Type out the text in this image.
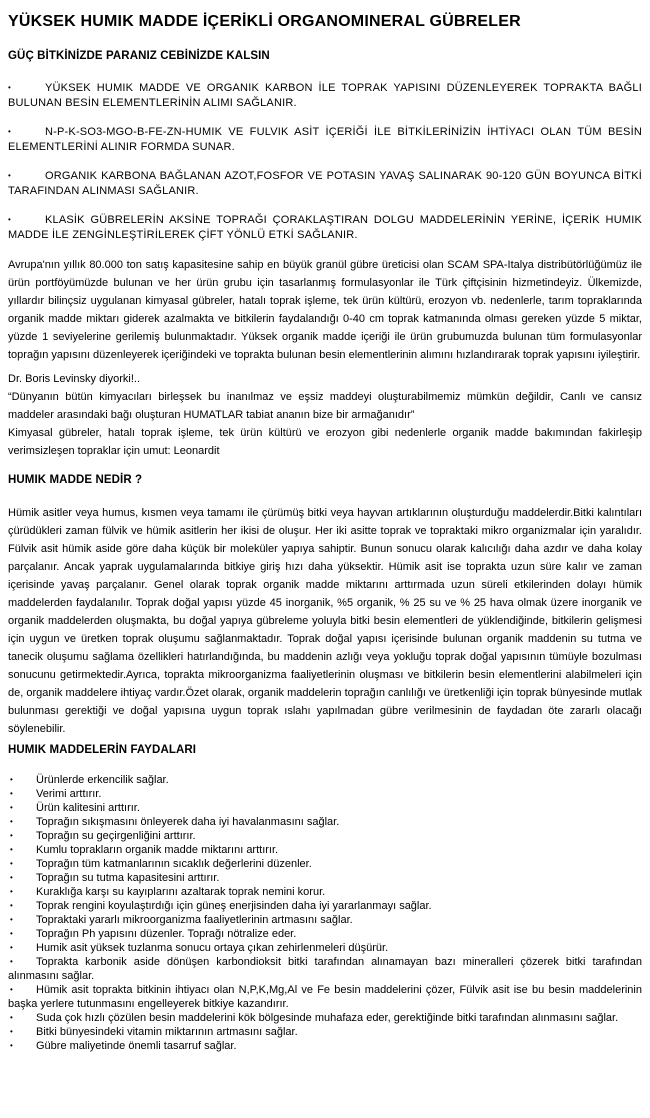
YÜKSEK HUMIK MADDE İÇERİKLİ ORGANOMINERAL GÜBRELER
GÜÇ BİTKİNİZDE PARANIZ CEBİNİZDE KALSIN

•	YÜKSEK HUMIK MADDE VE ORGANIK KARBON İLE TOPRAK YAPISINI DÜZENLEYEREK TOPRAKTA BAĞLI BULUNAN BESİN ELEMENTLERİNİN ALIMI SAĞLANIR.

•	N-P-K-SO3-MGO-B-FE-ZN-HUMIK VE FULVIK ASİT İÇERİĞİ İLE BİTKİLERİNİZİN İHTİYACI OLAN TÜM BESİN ELEMENTLERİNİ ALINIR FORMDA SUNAR.

•	ORGANIK KARBONA BAĞLANAN AZOT,FOSFOR VE POTASIN YAVAŞ SALINARAK 90-120 GÜN BOYUNCA BİTKİ TARAFINDAN ALINMASI SAĞLANIR.

•	KLASİK GÜBRELERİN AKSİNE TOPRAĞI ÇORAKLAŞTIRAN DOLGU MADDELERİNİN YERİNE, İÇERİK HUMIK MADDE İLE ZENGİNLEŞTİRİLEREK ÇİFT YÖNLÜ ETKİ SAĞLANIR.

Avrupa'nın yıllık 80.000 ton satış kapasitesine sahip en büyük granül gübre üreticisi olan SCAM SPA-Italya distribütörlüğümüz ile ürün portföyümüzde bulunan ve her ürün grubu için tasarlanmış formulasyonlar ile Türk çiftçisinin hizmetindeyiz. Ülkemizde, yıllardır bilinçsiz uygulanan kimyasal gübreler, hatalı toprak işleme, tek ürün kültürü, erozyon vb. nedenlerle, tarım topraklarında organik madde miktarı giderek azalmakta ve bitkilerin faydalandığı 0-40 cm toprak katmanında olması gereken yüzde 5 miktar, yüzde 1 seviyelerine gerilemiş bulunmaktadır. Yüksek organik madde içeriği ile ürün grubumuzda bulunan tüm formulasyonlar toprağın yapısını düzenleyerek içeriğindeki ve toprakta bulunan besin elementlerinin alımını hızlandırarak toprak yapısını iyileştirir.

Dr. Boris Levinsky diyorki!..

“Dünyanın bütün kimyacıları birleşsek bu inanılmaz ve eşsiz maddeyi oluşturabilmemiz mümkün değildir, Canlı ve cansız maddeler arasındaki bağı oluşturan HUMATLAR tabiat ananın bize bir armağanıdır”

Kimyasal gübreler, hatalı toprak işleme, tek ürün kültürü ve erozyon gibi nedenlerle organik madde bakımından fakirleşip verimsizleşen topraklar için umut: Leonardit

HUMIK MADDE NEDİR ?

Hümik asitler veya humus, kısmen veya tamamı ile çürümüş bitki veya hayvan artıklarının oluşturduğu maddelerdir.Bitki kalıntıları çürüdükleri zaman fülvik ve hümik asitlerin her ikisi de oluşur. Her iki asitte toprak ve topraktaki mikro organizmalar için yaralıdır. Fülvik asit hümik aside göre daha küçük bir moleküler yapıya sahiptir. Bunun sonucu olarak kalıcılığı daha azdır ve daha kolay parçalanır. Ancak yaprak uygulamalarında bitkiye giriş hızı daha yüksektir. Hümik asit ise toprakta uzun süre kalır ve zaman içerisinde yavaş parçalanır. Genel olarak toprak organik madde miktarını arttırmada uzun süreli etkilerinden dolayı hümik maddelerden faydalanılır. Toprak doğal yapısı yüzde 45 inorganik, %5 organik, % 25 su ve % 25 hava olmak üzere inorganik ve organik maddelerden oluşmakta, bu doğal yapıya gübreleme yoluyla bitki besin elementleri de yüklendiğinde, bitkilerin gelişmesi için uygun ve üretken toprak oluşumu sağlanmaktadır. Toprak doğal yapısı içerisinde bulunan organik maddenin su tutma ve tanecik oluşumu sağlama özellikleri hatırlandığında, bu maddenin azlığı veya yokluğu toprak doğal yapısının tümüyle bozulması sonucunu getirmektedir.Ayrıca, toprakta mikroorganizma faaliyetlerinin oluşması ve bitkilerin besin elementlerini alabilmeleri için de, organik maddelere ihtiyaç vardır.Özet olarak, organik maddelerin toprağın canlılığı ve üretkenliği için toprak bünyesinde mutlak bulunması gerektiği ve doğal yapısına uygun toprak ıslahı yapılmadan gübre verilmesinin de faydadan öte zararlı olacağı söylenebilir.

HUMIK MADDELERİN FAYDALARI

• Ürünlerde erkencilik sağlar.

• Verimi arttırır.

• Ürün kalitesini arttırır.

• Toprağın sıkışmasını önleyerek daha iyi havalanmasını sağlar.

• Toprağın su geçirgenliğini arttırır.

• Kumlu toprakların organik madde miktarını arttırır.

• Toprağın tüm katmanlarının sıcaklık değerlerini düzenler.

• Toprağın su tutma kapasitesini arttırır.

• Kuraklığa karşı su kayıplarını azaltarak toprak nemini korur.

• Toprak rengini koyulaştırdığı için güneş enerjisinden daha iyi yararlanmayı sağlar.

• Topraktaki yararlı mikroorganizma faaliyetlerinin artmasını sağlar.

• Toprağın Ph yapısını düzenler. Toprağı nötralize eder.

• Humik asit yüksek tuzlanma sonucu ortaya çıkan zehirlenmeleri düşürür.

• Toprakta karbonik aside dönüşen karbondioksit bitki tarafından alınamayan bazı mineralleri çözerek bitki tarafından alınmasını sağlar.

• Hümik asit toprakta bitkinin ihtiyacı olan N,P,K,Mg,Al ve Fe besin maddelerini çözer, Fülvik asit ise bu besin maddelerinin başka yerlere tutunmasını engelleyerek bitkiye kazandırır.

• Suda çok hızlı çözülen besin maddelerini kök bölgesinde muhafaza eder, gerektiğinde bitki tarafından alınmasını sağlar.

• Bitki bünyesindeki vitamin miktarının artmasını sağlar.

• Gübre maliyetinde önemli tasarruf sağlar.
